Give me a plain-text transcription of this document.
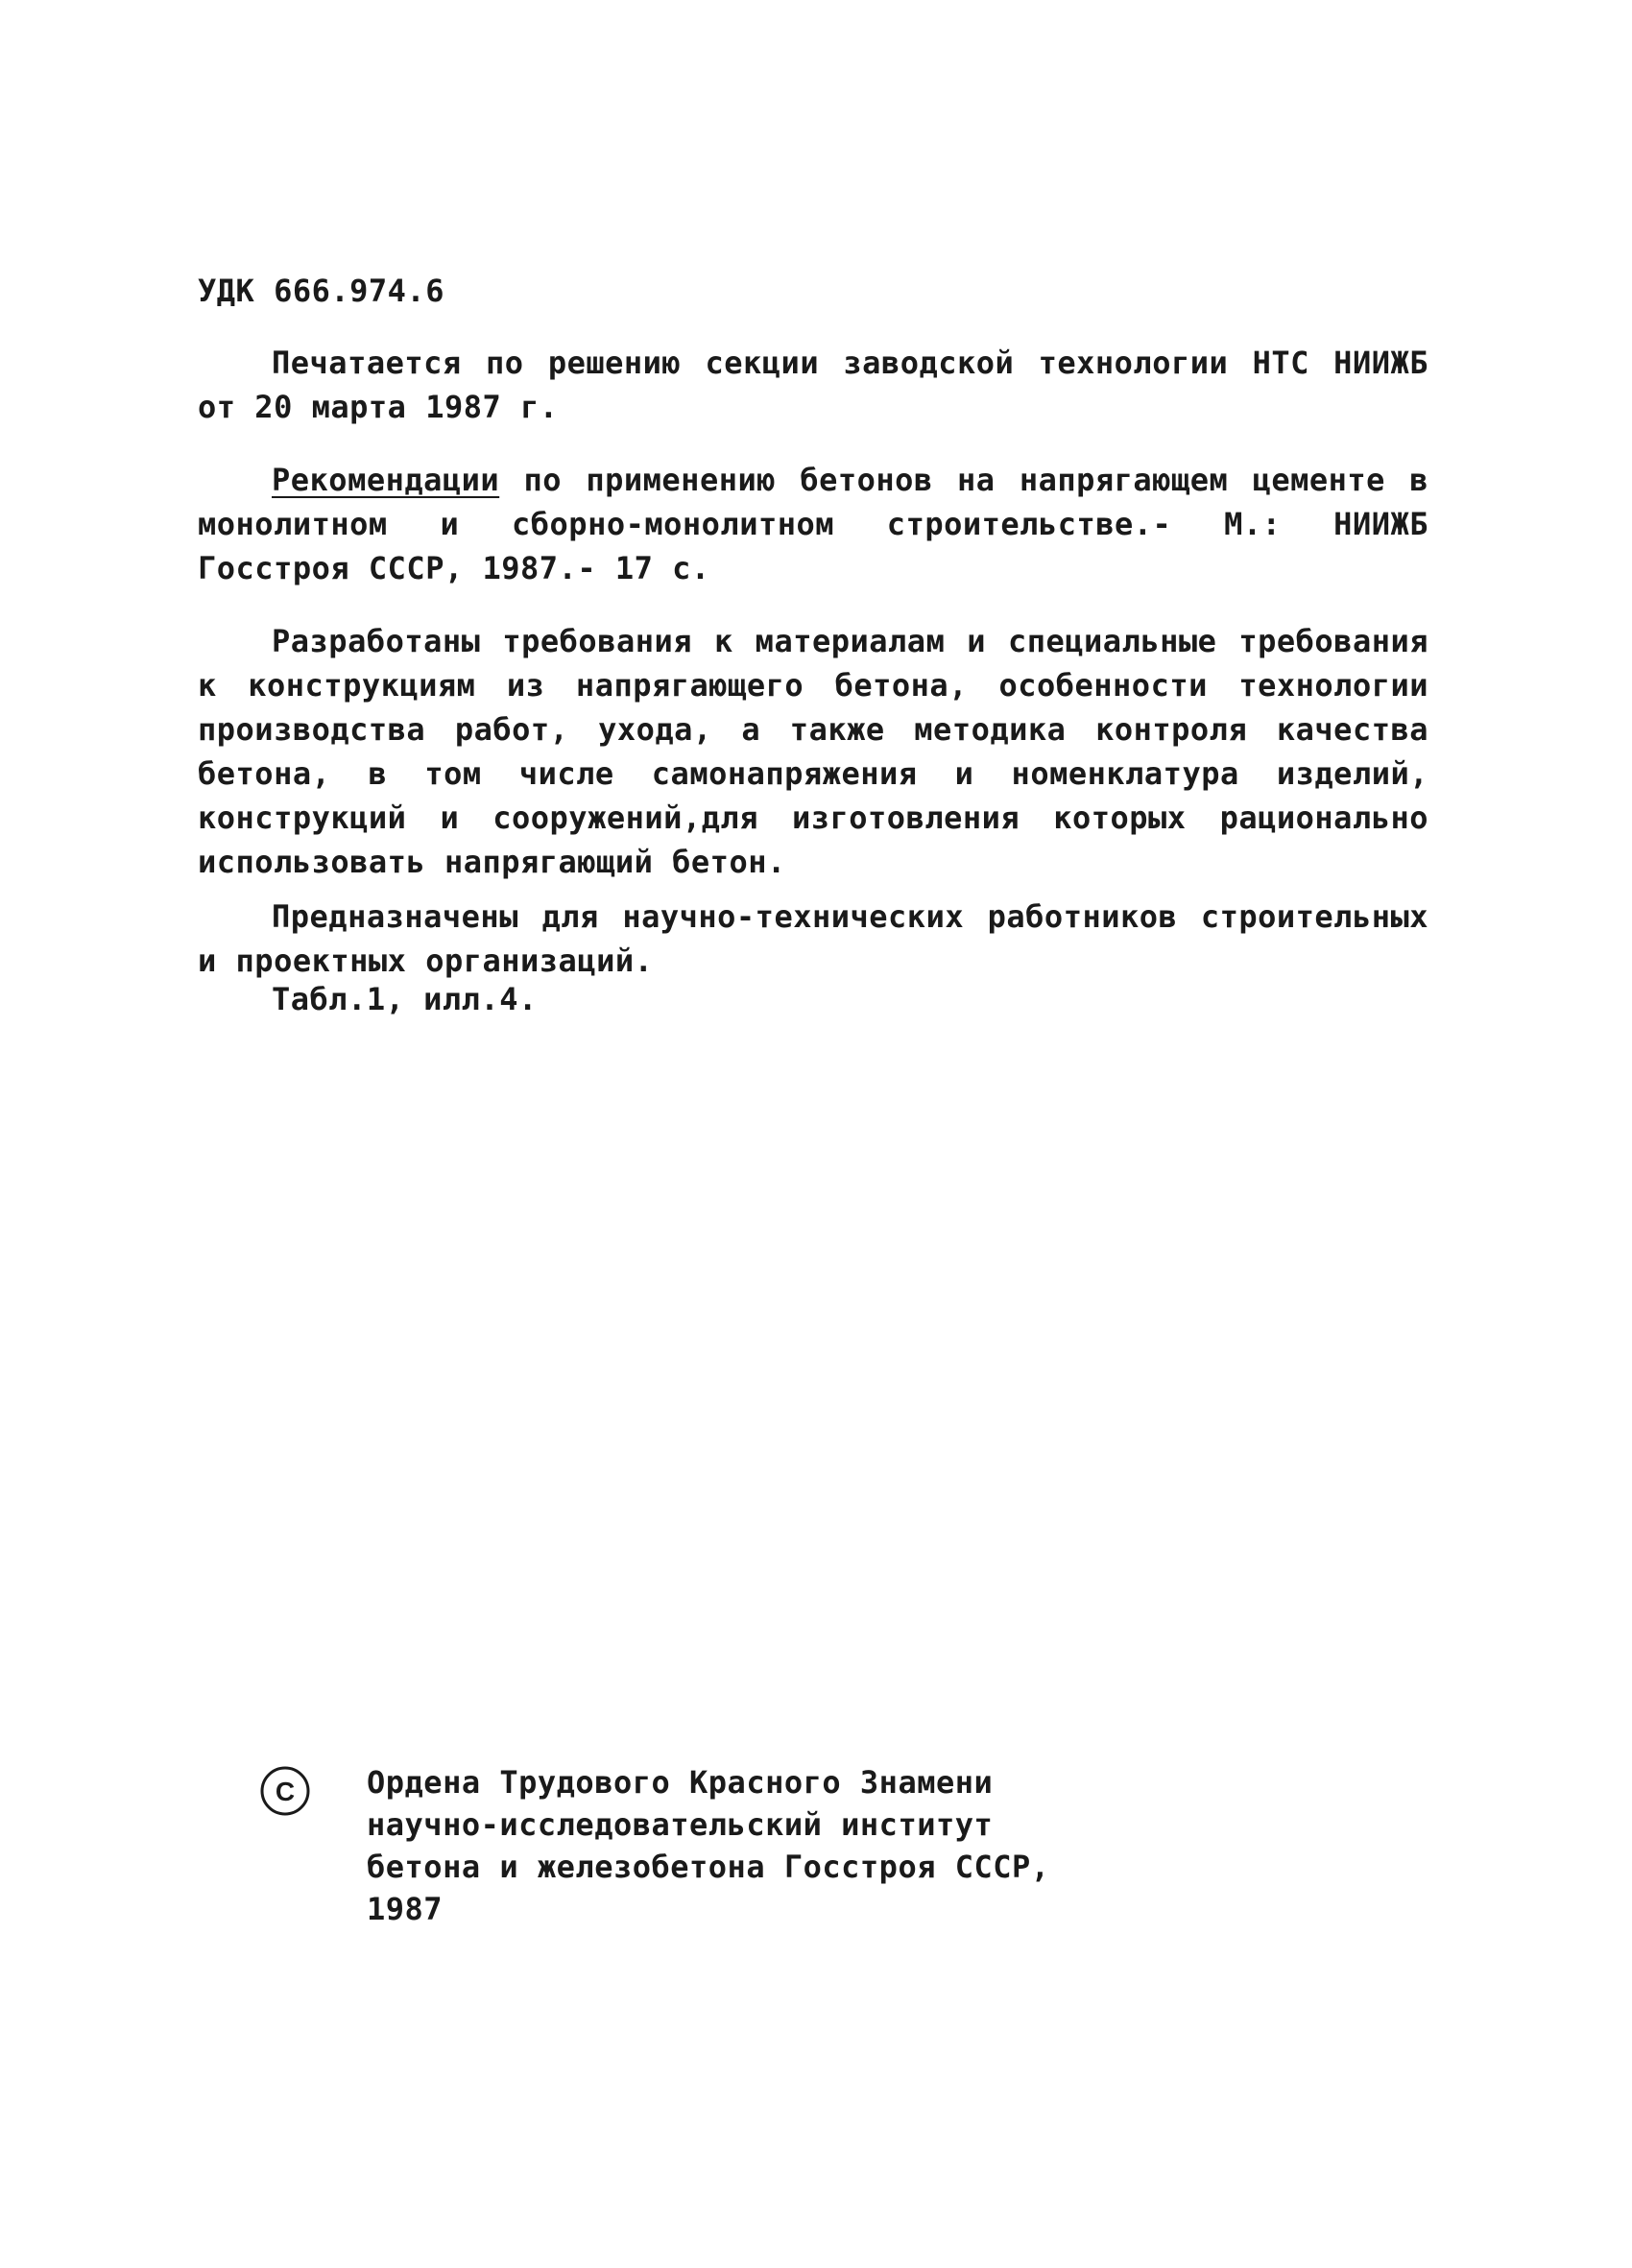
УДК 666.974.6

Печатается по решению секции заводской технологии НТС НИИЖБ от 20 марта 1987 г.

Рекомендации по применению бетонов на напрягающем цементе в монолитном и сборно-монолитном строительстве.- М.: НИИЖБ Госстроя СССР, 1987.- 17 с.

Разработаны требования к материалам и специальные требования к конструкциям из напрягающего бетона, особенности технологии производства работ, ухода, а также методика контроля качества бетона, в том числе самонапряжения и номенклатура изделий, конструкций и сооружений,для изготовления которых рационально использовать напрягающий бетон.

Предназначены для научно-технических работников строительных и проектных организаций.

Табл.1, илл.4.

C Ордена Трудового Красного Знамени
научно-исследовательский институт
бетона и железобетона Госстроя СССР,
1987
